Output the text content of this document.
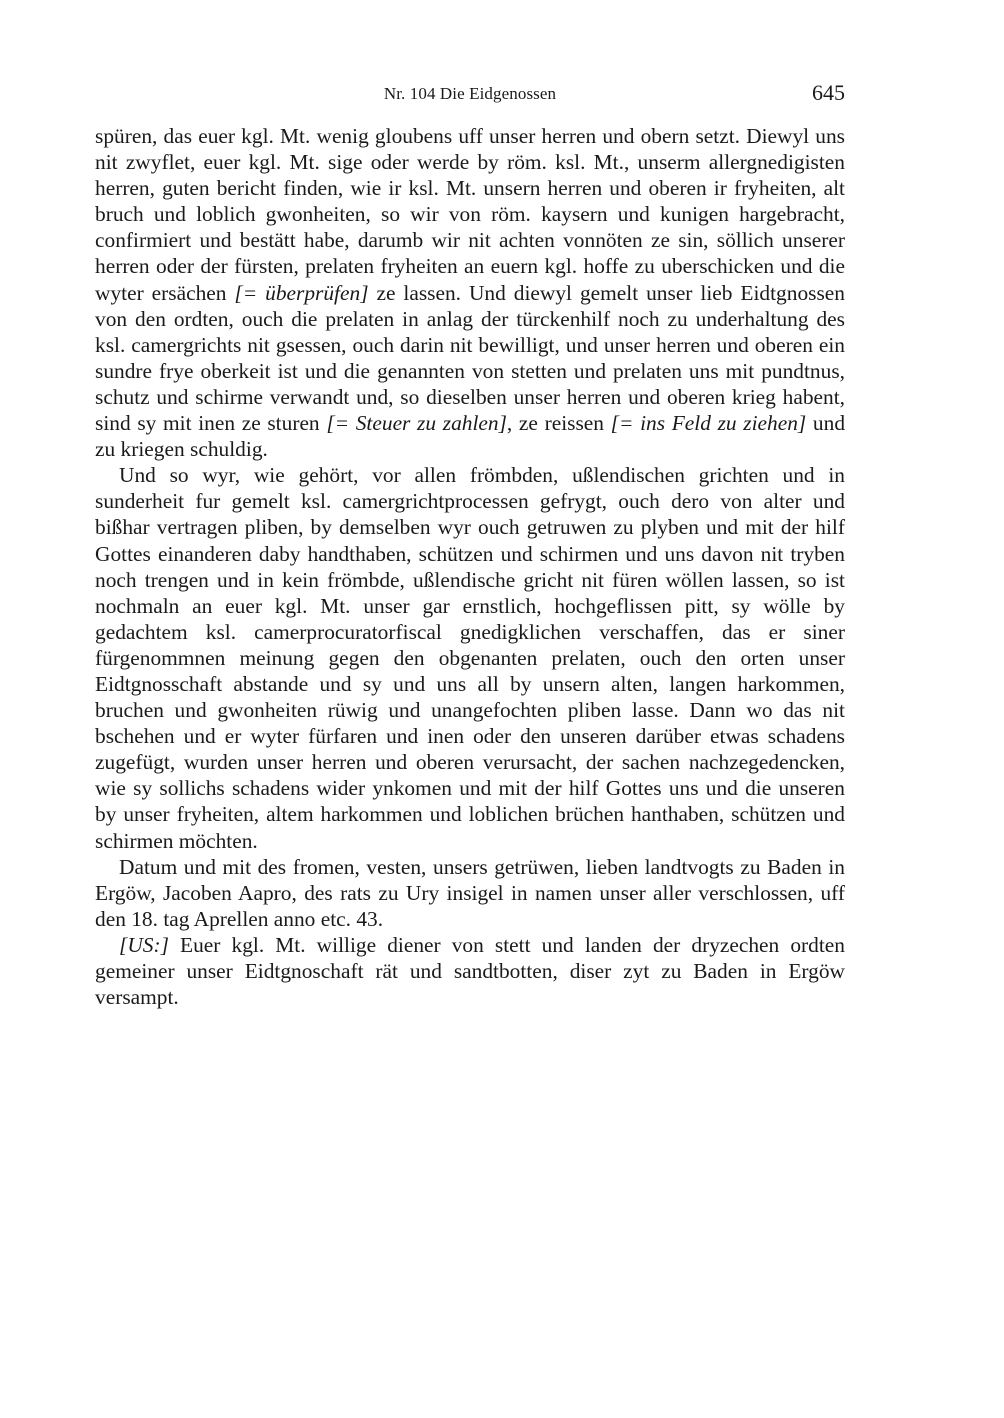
Nr. 104 Die Eidgenossen	645

spüren, das euer kgl. Mt. wenig gloubens uff unser herren und obern setzt. Diewyl uns nit zwyflet, euer kgl. Mt. sige oder werde by röm. ksl. Mt., unserm allergnedigisten herren, guten bericht finden, wie ir ksl. Mt. unsern herren und oberen ir fryheiten, alt bruch und loblich gwonheiten, so wir von röm. kaysern und kunigen hargebracht, confirmiert und bestätt habe, darumb wir nit achten vonnöten ze sin, söllich unserer herren oder der fürsten, prelaten fryheiten an euern kgl. hoffe zu uberschicken und die wyter ersächen [= überprüfen] ze lassen. Und diewyl gemelt unser lieb Eidtgnossen von den ordten, ouch die prelaten in anlag der türckenhilf noch zu underhaltung des ksl. camergrichts nit gsessen, ouch darin nit bewilligt, und unser herren und oberen ein sundre frye oberkeit ist und die genannten von stetten und prelaten uns mit pundtnus, schutz und schirme verwandt und, so dieselben unser herren und oberen krieg habent, sind sy mit inen ze sturen [= Steuer zu zahlen], ze reissen [= ins Feld zu ziehen] und zu kriegen schuldig.

Und so wyr, wie gehört, vor allen frömbden, ußlendischen grichten und in sunderheit fur gemelt ksl. camergrichtprocessen gefrygt, ouch dero von alter und bißhar vertragen pliben, by demselben wyr ouch getruwen zu plyben und mit der hilf Gottes einanderen daby handthaben, schützen und schirmen und uns davon nit tryben noch trengen und in kein frömbde, ußlendische gricht nit füren wöllen lassen, so ist nochmaln an euer kgl. Mt. unser gar ernstlich, hochgeflissen pitt, sy wölle by gedachtem ksl. camerprocuratorfiscal gnedigklichen verschaffen, das er siner fürgenommnen meinung gegen den obgenanten prelaten, ouch den orten unser Eidtgnosschaft abstande und sy und uns all by unsern alten, langen harkommen, bruchen und gwonheiten rüwig und unangefochten pliben lasse. Dann wo das nit bschehen und er wyter fürfaren und inen oder den unseren darüber etwas schadens zugefügt, wurden unser herren und oberen verursacht, der sachen nachzegedencken, wie sy sollichs schadens wider ynkomen und mit der hilf Gottes uns und die unseren by unser fryheiten, altem harkommen und loblichen brüchen hanthaben, schützen und schirmen möchten.

Datum und mit des fromen, vesten, unsers getrüwen, lieben landtvogts zu Baden in Ergöw, Jacoben Aapro, des rats zu Ury insigel in namen unser aller verschlossen, uff den 18. tag Aprellen anno etc. 43.

[US:] Euer kgl. Mt. willige diener von stett und landen der dryzechen ordten gemeiner unser Eidtgnoschaft rät und sandtbotten, diser zyt zu Baden in Ergöw versampt.
